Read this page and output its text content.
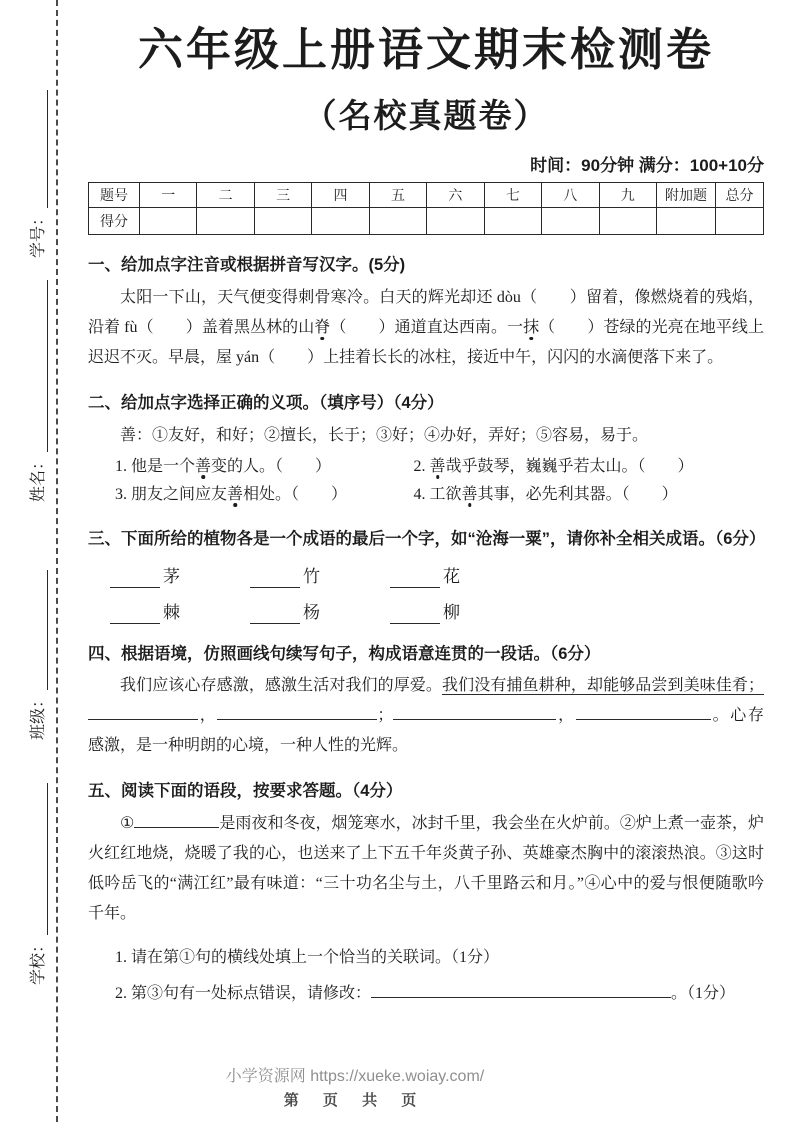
学号：
姓名：
班级：
学校：
六年级上册语文期末检测卷
（名校真题卷）
时间：90分钟 满分：100+10分
题号	一	二	三	四	五	六	七	八	九	附加题	总分
得分											

一、给加点字注音或根据拼音写汉字。(5分)

太阳一下山，天气便变得刺骨寒冷。白天的辉光却还 dòu（　　）留着，像燃烧着的残焰，沿着 fù（　　）盖着黑丛林的山脊（　　）通道直达西南。一抹（　　）苍绿的光亮在地平线上迟迟不灭。早晨，屋 yán（　　）上挂着长长的冰柱，接近中午，闪闪的水滴便落下来了。

二、给加点字选择正确的义项。（填序号）（4分）

善：①友好，和好；②擅长，长于；③好；④办好，弄好；⑤容易，易于。

1. 他是一个善变的人。（　　）	2. 善哉乎鼓琴，巍巍乎若太山。（　　）
3. 朋友之间应友善相处。（　　）	4. 工欲善其事，必先利其器。（　　）

三、下面所给的植物各是一个成语的最后一个字，如“沧海一粟”，请你补全相关成语。（6分）

茅	竹	花
棘	杨	柳

四、根据语境，仿照画线句续写句子，构成语意连贯的一段话。（6分）

我们应该心存感激，感激生活对我们的厚爱。我们没有捕鱼耕种，却能够品尝到美味佳肴；，	；	，	。心存感激，是一种明朗的心境，一种人性的光辉。

五、阅读下面的语段，按要求答题。（4分）

①	是雨夜和冬夜，烟笼寒水，冰封千里，我会坐在火炉前。②炉上煮一壶茶，炉火红红地烧，烧暖了我的心，也送来了上下五千年炎黄子孙、英雄豪杰胸中的滚滚热浪。③这时低吟岳飞的“满江红”最有味道：“三十功名尘与土，八千里路云和月。”④心中的爱与恨便随歌吟千年。

1. 请在第①句的横线处填上一个恰当的关联词。（1分）
2. 第③句有一处标点错误，请修改：	。（1分）
小学资源网 https://xueke.woiay.com/
第 页 共 页
